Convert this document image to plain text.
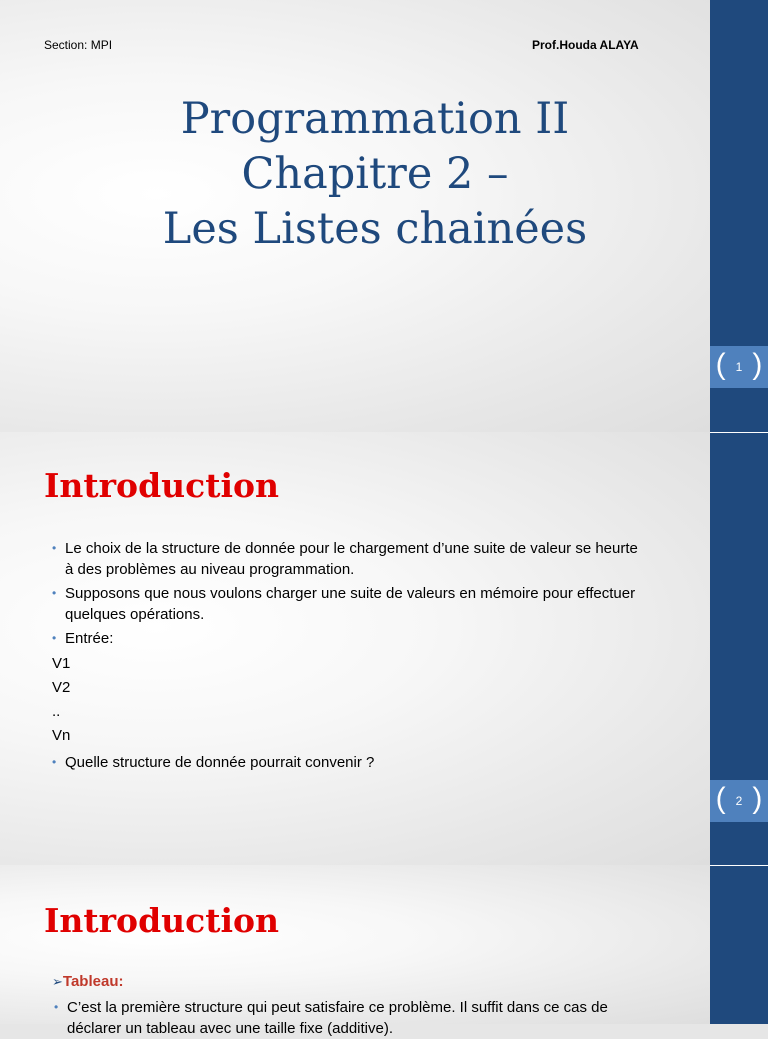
Section: MPI	Prof.Houda ALAYA
Programmation II
Chapitre 2 –
Les Listes chainées
( 1 )
Introduction
• Le choix de la structure de donnée pour le chargement d’une suite de valeur se heurte à des problèmes au niveau programmation.
• Supposons que nous voulons charger une suite de valeurs en mémoire pour effectuer quelques opérations.
• Entrée:
V1
V2
..
Vn
• Quelle structure de donnée pourrait convenir ?
( 2 )
Introduction
➢Tableau:
• C’est la première structure qui peut satisfaire ce problème. Il suffit dans ce cas de déclarer un tableau avec une taille fixe (additive).
